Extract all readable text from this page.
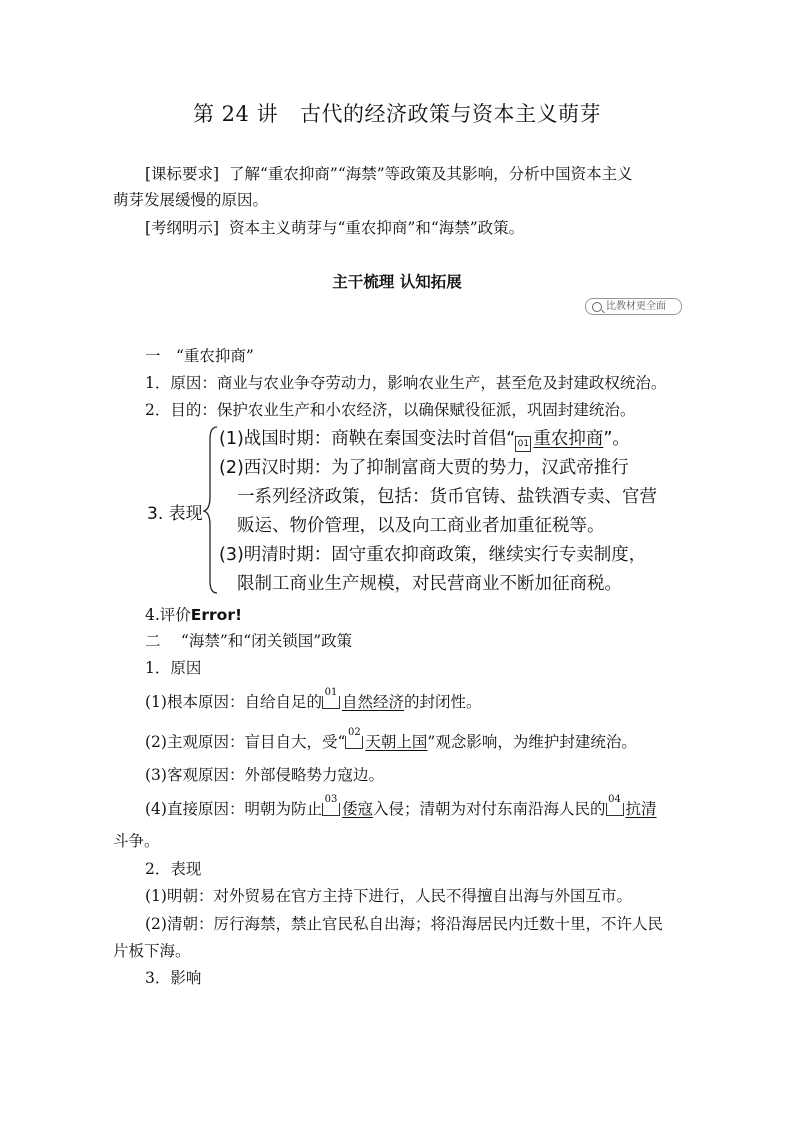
第 24 讲 古代的经济政策与资本主义萌芽
[课标要求] 了解“重农抑商”“海禁”等政策及其影响，分析中国资本主义
萌芽发展缓慢的原因。
[考纲明示] 资本主义萌芽与“重农抑商”和“海禁”政策。
主干梳理 认知拓展
比教材更全面
一　“重农抑商”
1．原因：商业与农业争夺劳动力，影响农业生产，甚至危及封建政权统治。
2．目的：保护农业生产和小农经济，以确保赋役征派，巩固封建统治。
3. 表现
(1)战国时期：商鞅在秦国变法时首倡“ 01 重农抑商”。
(2)西汉时期：为了抑制富商大贾的势力，汉武帝推行
一系列经济政策，包括：货币官铸、盐铁酒专卖、官营
贩运、物价管理，以及向工商业者加重征税等。
(3)明清时期：固守重农抑商政策，继续实行专卖制度，
限制工商业生产规模，对民营商业不断加征商税。
4.评价Error!
二　 “海禁”和“闭关锁国”政策
1．原因
(1)根本原因：自给自足的
01
自然经济的封闭性。
(2)主观原因：盲目自大，受“
02
天朝上国”观念影响，为维护封建统治。
(3)客观原因：外部侵略势力寇边。
(4)直接原因：明朝为防止
03
倭寇入侵；清朝为对付东南沿海人民的
04
抗清
斗争。
2．表现
(1)明朝：对外贸易在官方主持下进行，人民不得擅自出海与外国互市。
(2)清朝：厉行海禁，禁止官民私自出海；将沿海居民内迁数十里，不许人民
片板下海。
3．影响
